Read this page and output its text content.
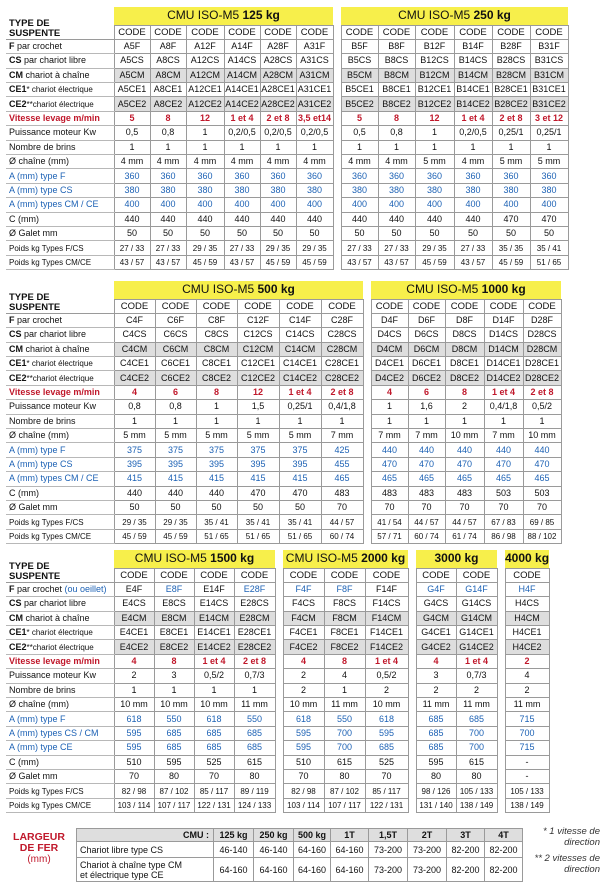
TYPE DE
SUSPENTE	CMU ISO-M5 125 kg							CMU ISO-M5 250 kg					
	CODE	CODE	CODE	CODE	CODE	CODE		CODE	CODE	CODE	CODE	CODE	CODE
F par crochet	A5F	A8F	A12F	A14F	A28F	A31F		B5F	B8F	B12F	B14F	B28F	B31F
CS par chariot libre	A5CS	A8CS	A12CS	A14CS	A28CS	A31CS		B5CS	B8CS	B12CS	B14CS	B28CS	B31CS
CM chariot à chaîne	A5CM	A8CM	A12CM	A14CM	A28CM	A31CM		B5CM	B8CM	B12CM	B14CM	B28CM	B31CM
CE1* chariot électrique	A5CE1	A8CE1	A12CE1	A14CE1	A28CE1	A31CE1		B5CE1	B8CE1	B12CE1	B14CE1	B28CE1	B31CE1
CE2**chariot électrique	A5CE2	A8CE2	A12CE2	A14CE2	A28CE2	A31CE2		B5CE2	B8CE2	B12CE2	B14CE2	B28CE2	B31CE2
Vitesse levage m/min	5	8	12	1 et 4	2 et 8	3,5 et14		5	8	12	1 et 4	2 et 8	3 et 12
Puissance moteur Kw	0,5	0,8	1	0,2/0,5	0,2/0,5	0,2/0,5		0,5	0,8	1	0,2/0,5	0,25/1	0,25/1
Nombre de brins	1	1	1	1	1	1		1	1	1	1	1	1
Ø chaîne (mm)	4 mm	4 mm	4 mm	4 mm	4 mm	4 mm		4 mm	4 mm	5 mm	4 mm	5 mm	5 mm
A (mm) type F	360	360	360	360	360	360		360	360	360	360	360	360
A (mm) type CS	380	380	380	380	380	380		380	380	380	380	380	380
A (mm) types CM / CE	400	400	400	400	400	400		400	400	400	400	400	400
C (mm)	440	440	440	440	440	440		440	440	440	440	470	470
Ø Galet mm	50	50	50	50	50	50		50	50	50	50	50	50
Poids kg Types F/CS	27 / 33	27 / 33	29 / 35	27 / 33	29 / 35	29 / 35		27 / 33	27 / 33	29 / 35	27 / 33	35 / 35	35 / 41
Poids kg Types CM/CE	43 / 57	43 / 57	45 / 59	43 / 57	45 / 59	45 / 59		43 / 57	43 / 57	45 / 59	43 / 57	45 / 59	51 / 65
TYPE DE
SUSPENTE	CMU ISO-M5 500 kg							CMU ISO-M5 1000 kg				
	CODE	CODE	CODE	CODE	CODE	CODE		CODE	CODE	CODE	CODE	CODE
F par crochet	C4F	C6F	C8F	C12F	C14F	C28F		D4F	D6F	D8F	D14F	D28F
CS par chariot libre	C4CS	C6CS	C8CS	C12CS	C14CS	C28CS		D4CS	D6CS	D8CS	D14CS	D28CS
CM chariot à chaîne	C4CM	C6CM	C8CM	C12CM	C14CM	C28CM		D4CM	D6CM	D8CM	D14CM	D28CM
CE1* chariot électrique	C4CE1	C6CE1	C8CE1	C12CE1	C14CE1	C28CE1		D4CE1	D6CE1	D8CE1	D14CE1	D28CE1
CE2**chariot électrique	C4CE2	C6CE2	C8CE2	C12CE2	C14CE2	C28CE2		D4CE2	D6CE2	D8CE2	D14CE2	D28CE2
Vitesse levage m/min	4	6	8	12	1 et 4	2 et 8		4	6	8	1 et 4	2 et 8
Puissance moteur Kw	0,8	0,8	1	1,5	0,25/1	0,4/1,8		1	1,6	2	0,4/1,8	0,5/2
Nombre de brins	1	1	1	1	1	1		1	1	1	1	1
Ø chaîne (mm)	5 mm	5 mm	5 mm	5 mm	5 mm	7 mm		7 mm	7 mm	10 mm	7 mm	10 mm
A (mm) type F	375	375	375	375	375	425		440	440	440	440	440
A (mm) type CS	395	395	395	395	395	455		470	470	470	470	470
A (mm) types CM / CE	415	415	415	415	415	465		465	465	465	465	465
C (mm)	440	440	440	470	470	483		483	483	483	503	503
Ø Galet mm	50	50	50	50	50	70		70	70	70	70	70
Poids kg Types F/CS	29 / 35	29 / 35	35 / 41	35 / 41	35 / 41	44 / 57		41 / 54	44 / 57	44 / 57	67 / 83	69 / 85
Poids kg Types CM/CE	45 / 59	45 / 59	51 / 65	51 / 65	51 / 65	60 / 74		57 / 71	60 / 74	61 / 74	86 / 98	88 / 102
TYPE DE
SUSPENTE	CMU ISO-M5 1500 kg					CMU ISO-M5 2000 kg				3000 kg			4000 kg
	CODE	CODE	CODE	CODE		CODE	CODE	CODE		CODE	CODE		CODE
F par crochet (ou oeillet)	E4F	E8F	E14F	E28F		F4F	F8F	F14F		G4F	G14F		H4F
CS par chariot libre	E4CS	E8CS	E14CS	E28CS		F4CS	F8CS	F14CS		G4CS	G14CS		H4CS
CM chariot à chaîne	E4CM	E8CM	E14CM	E28CM		F4CM	F8CM	F14CM		G4CM	G14CM		H4CM
CE1* chariot électrique	E4CE1	E8CE1	E14CE1	E28CE1		F4CE1	F8CE1	F14CE1		G4CE1	G14CE1		H4CE1
CE2**chariot électrique	E4CE2	E8CE2	E14CE2	E28CE2		F4CE2	F8CE2	F14CE2		G4CE2	G14CE2		H4CE2
Vitesse levage m/min	4	8	1 et 4	2 et 8		4	8	1 et 4		4	1 et 4		2
Puissance moteur Kw	2	3	0,5/2	0,7/3		2	4	0,5/2		3	0,7/3		4
Nombre de brins	1	1	1	1		2	1	2		2	2		2
Ø chaîne (mm)	10 mm	10 mm	10 mm	11 mm		10 mm	11 mm	10 mm		11 mm	11 mm		11 mm
A (mm) type F	618	550	618	550		618	550	618		685	685		715
A (mm) types CS / CM	595	685	685	685		595	700	595		685	700		700
A (mm) type CE	595	685	685	685		595	700	685		685	700		715
C (mm)	510	595	525	615		510	615	525		595	615		-
Ø Galet mm	70	80	70	80		70	80	70		80	80		-
Poids kg Types F/CS	82 / 98	87 / 102	85 / 117	89 / 119		82 / 98	87 / 102	85 / 117		98 / 126	105 / 133		105 / 133
Poids kg Types CM/CE	103 / 114	107 / 117	122 / 131	124 / 133		103 / 114	107 / 117	122 / 131		131 / 140	138 / 149		138 / 149
LARGEUR
DE FER
(mm)
CMU :	125 kg	250 kg	500 kg	1T	1,5T	2T	3T	4T
Chariot libre type CS	46-140	46-140	64-160	64-160	73-200	73-200	82-200	82-200
Chariot à chaîne type CM
et électrique type CE	64-160	64-160	64-160	64-160	73-200	73-200	82-200	82-200
* 1 vitesse de direction
** 2 vitesses de direction
